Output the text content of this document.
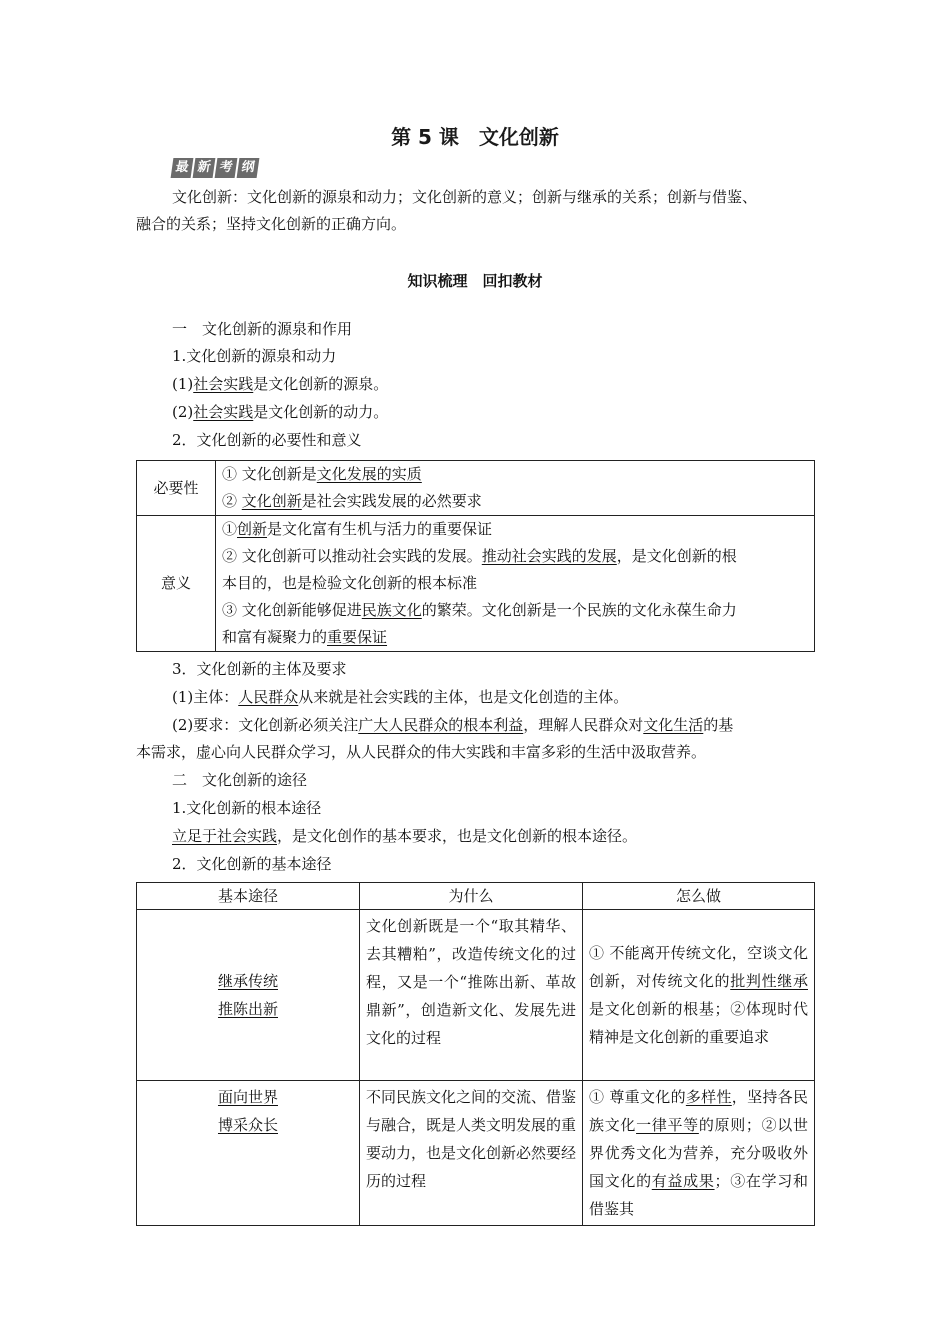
第 5 课　文化创新
最 新 考 纲
文化创新：文化创新的源泉和动力；文化创新的意义；创新与继承的关系；创新与借鉴、
融合的关系；坚持文化创新的正确方向。
知识梳理　回扣教材
一　文化创新的源泉和作用
1.文化创新的源泉和动力
(1)社会实践是文化创新的源泉。
(2)社会实践是文化创新的动力。
2．文化创新的必要性和意义
必要性	① 文化创新是文化发展的实质
② 文化创新是社会实践发展的必然要求

意义	①创新是文化富有生机与活力的重要保证
② 文化创新可以推动社会实践的发展。推动社会实践的发展，是文化创新的根
本目的，也是检验文化创新的根本标准
③ 文化创新能够促进民族文化的繁荣。文化创新是一个民族的文化永葆生命力
和富有凝聚力的重要保证
3．文化创新的主体及要求
(1)主体：人民群众从来就是社会实践的主体，也是文化创造的主体。
(2)要求：文化创新必须关注广大人民群众的根本利益，理解人民群众对文化生活的基
本需求，虚心向人民群众学习，从人民群众的伟大实践和丰富多彩的生活中汲取营养。
二　文化创新的途径
1.文化创新的根本途径
立足于社会实践，是文化创作的基本要求，也是文化创新的根本途径。
2．文化创新的基本途径
基本途径	为什么	怎么做

继承传统
推陈出新	文化创新既是一个“取其精华、去其糟粕”，改造传统文化的过程，又是一个“推陈出新、革故鼎新”，创造新文化、发展先进文化的过程	① 不能离开传统文化，空谈文化创新，对传统文化的批判性继承是文化创新的根基；②体现时代精神是文化创新的重要追求

面向世界
博采众长	不同民族文化之间的交流、借鉴与融合，既是人类文明发展的重要动力，也是文化创新必然要经历的过程	① 尊重文化的多样性，坚持各民族文化一律平等的原则；②以世界优秀文化为营养，充分吸收外国文化的有益成果；③在学习和借鉴其
